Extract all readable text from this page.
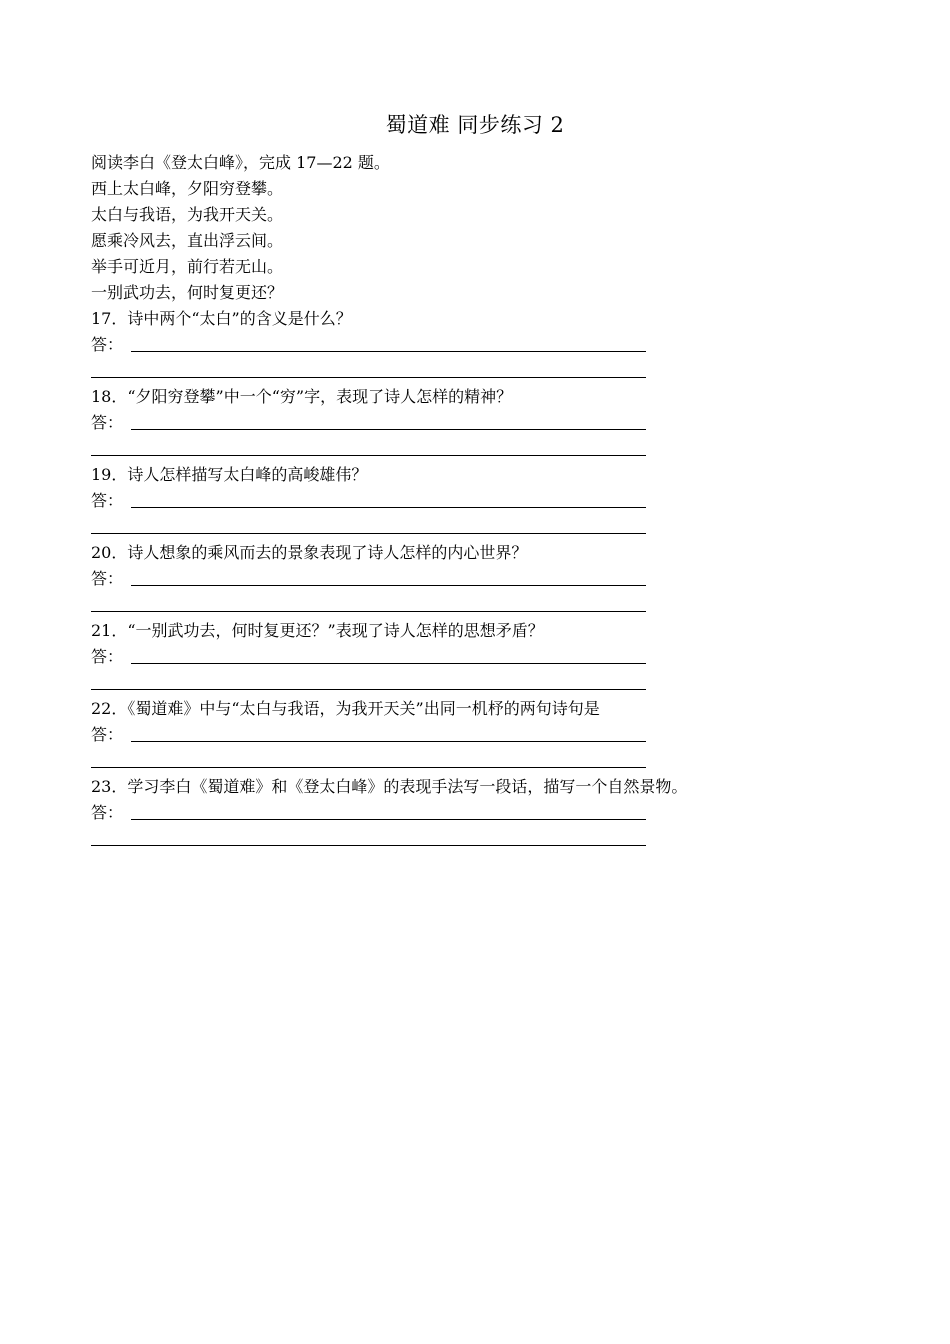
蜀道难 同步练习 2
阅读李白《登太白峰》，完成 17—22 题。
西上太白峰，夕阳穷登攀。
太白与我语，为我开天关。
愿乘冷风去，直出浮云间。
举手可近月，前行若无山。
一别武功去，何时复更还？
17．诗中两个“太白”的含义是什么？
答：
18．“夕阳穷登攀”中一个“穷”字，表现了诗人怎样的精神？
答：
19．诗人怎样描写太白峰的高峻雄伟？
答：
20．诗人想象的乘风而去的景象表现了诗人怎样的内心世界？
答：
21．“一别武功去，何时复更还？”表现了诗人怎样的思想矛盾？
答：
22．《蜀道难》中与“太白与我语，为我开天关”出同一机杼的两句诗句是
答：
23．学习李白《蜀道难》和《登太白峰》的表现手法写一段话，描写一个自然景物。
答：
